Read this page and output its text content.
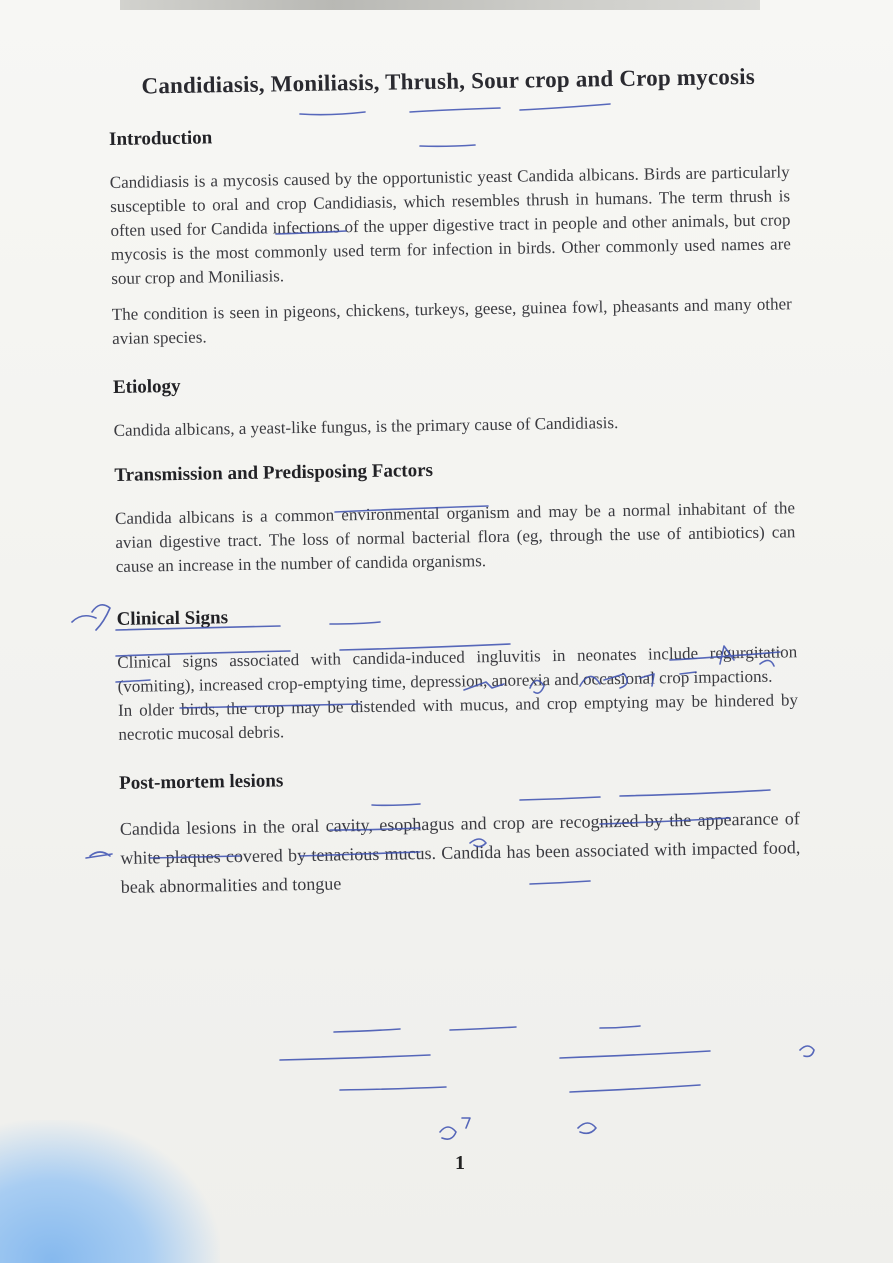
Candidiasis, Moniliasis, Thrush, Sour crop and Crop mycosis
Introduction

Candidiasis is a mycosis caused by the opportunistic yeast Candida albicans. Birds are particularly susceptible to oral and crop Candidiasis, which resembles thrush in humans. The term thrush is often used for Candida infections of the upper digestive tract in people and other animals, but crop mycosis is the most commonly used term for infection in birds. Other commonly used names are sour crop and Moniliasis.

The condition is seen in pigeons, chickens, turkeys, geese, guinea fowl, pheasants and many other avian species.

Etiology

Candida albicans, a yeast-like fungus, is the primary cause of Candidiasis.

Transmission and Predisposing Factors

Candida albicans is a common environmental organism and may be a normal inhabitant of the avian digestive tract. The loss of normal bacterial flora (eg, through the use of antibiotics) can cause an increase in the number of candida organisms.

Clinical Signs

Clinical signs associated with candida-induced ingluvitis in neonates include regurgitation (vomiting), increased crop-emptying time, depression, anorexia and occasional crop impactions.

In older birds, the crop may be distended with mucus, and crop emptying may be hindered by necrotic mucosal debris.

Post-mortem lesions

Candida lesions in the oral cavity, esophagus and crop are recognized by the appearance of white plaques covered by tenacious mucus. Candida has been associated with impacted food, beak abnormalities and tongue

1
